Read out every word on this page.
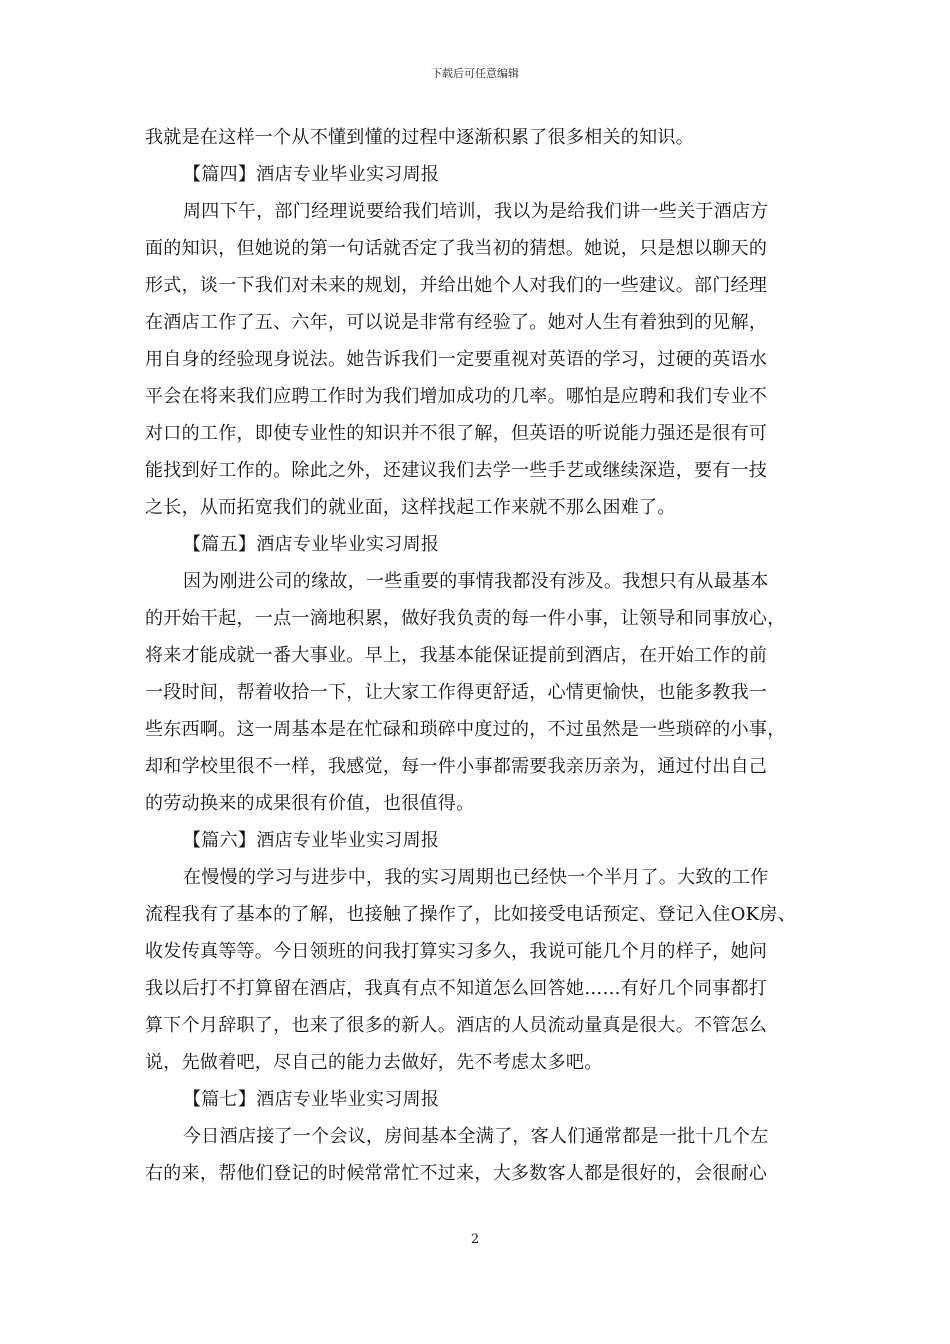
下载后可任意编辑
我就是在这样一个从不懂到懂的过程中逐渐积累了很多相关的知识。
【篇四】酒店专业毕业实习周报
周四下午，部门经理说要给我们培训，我以为是给我们讲一些关于酒店方
面的知识，但她说的第一句话就否定了我当初的猜想。她说，只是想以聊天的
形式，谈一下我们对未来的规划，并给出她个人对我们的一些建议。部门经理
在酒店工作了五、六年，可以说是非常有经验了。她对人生有着独到的见解，
用自身的经验现身说法。她告诉我们一定要重视对英语的学习，过硬的英语水
平会在将来我们应聘工作时为我们增加成功的几率。哪怕是应聘和我们专业不
对口的工作，即使专业性的知识并不很了解，但英语的听说能力强还是很有可
能找到好工作的。除此之外，还建议我们去学一些手艺或继续深造，要有一技
之长，从而拓宽我们的就业面，这样找起工作来就不那么困难了。
【篇五】酒店专业毕业实习周报
因为刚进公司的缘故，一些重要的事情我都没有涉及。我想只有从最基本
的开始干起，一点一滴地积累，做好我负责的每一件小事，让领导和同事放心，
将来才能成就一番大事业。早上，我基本能保证提前到酒店，在开始工作的前
一段时间，帮着收拾一下，让大家工作得更舒适，心情更愉快，也能多教我一
些东西啊。这一周基本是在忙碌和琐碎中度过的，不过虽然是一些琐碎的小事，
却和学校里很不一样，我感觉，每一件小事都需要我亲历亲为，通过付出自己
的劳动换来的成果很有价值，也很值得。
【篇六】酒店专业毕业实习周报
在慢慢的学习与进步中，我的实习周期也已经快一个半月了。大致的工作
流程我有了基本的了解，也接触了操作了，比如接受电话预定、登记入住OK房、
收发传真等等。今日领班的问我打算实习多久，我说可能几个月的样子，她问
我以后打不打算留在酒店，我真有点不知道怎么回答她……有好几个同事都打
算下个月辞职了，也来了很多的新人。酒店的人员流动量真是很大。不管怎么
说，先做着吧，尽自己的能力去做好，先不考虑太多吧。
【篇七】酒店专业毕业实习周报
今日酒店接了一个会议，房间基本全满了，客人们通常都是一批十几个左
右的来，帮他们登记的时候常常忙不过来，大多数客人都是很好的，会很耐心
2
